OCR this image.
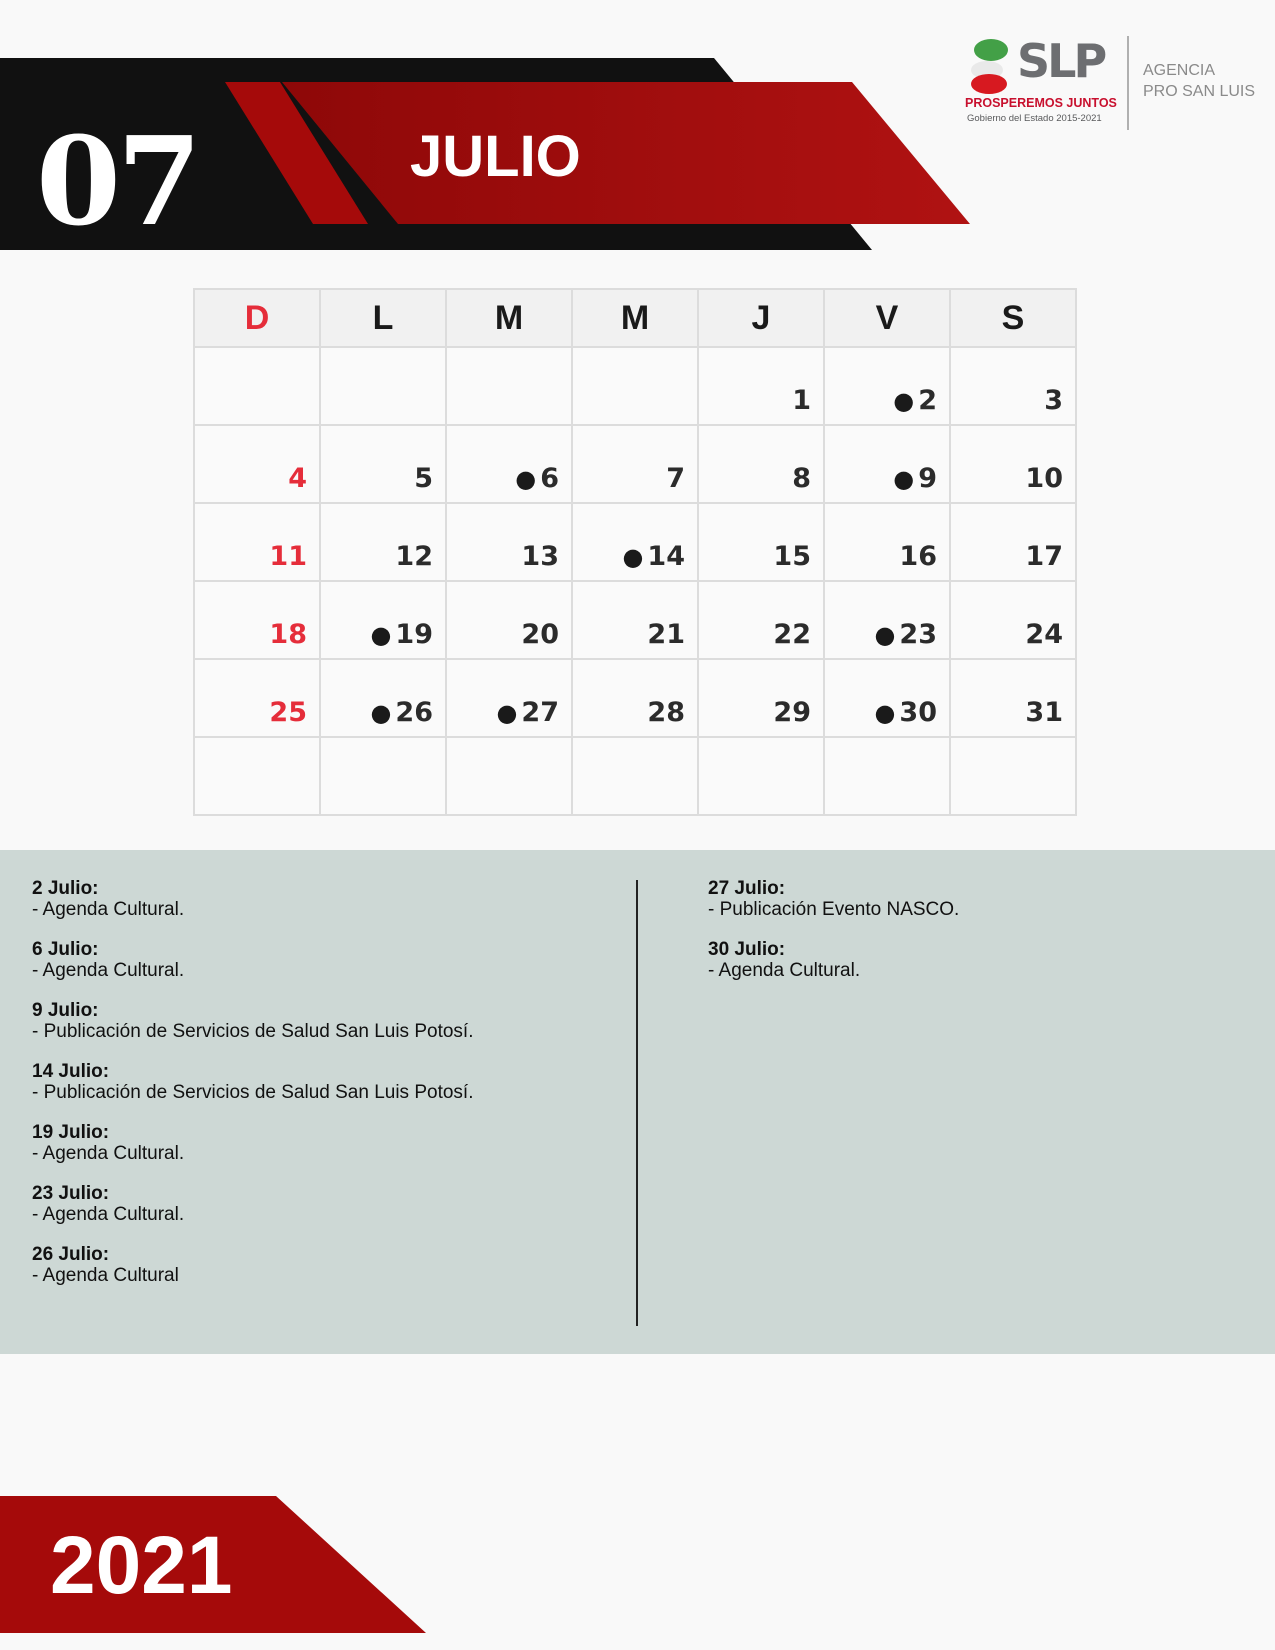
07	JULIO
SLP
PROSPEREMOS JUNTOS
Gobierno del Estado 2015-2021
AGENCIA
PRO SAN LUIS
D	L	M	M	J	V	S
				1	● 2	3
4	5	● 6	7	8	● 9	10
11	12	13	● 14	15	16	17
18	● 19	20	21	22	● 23	24
25	● 26	● 27	28	29	● 30	31

2 Julio:
- Agenda Cultural.
6 Julio:
- Agenda Cultural.
9 Julio:
- Publicación de Servicios de Salud San Luis Potosí.
14 Julio:
- Publicación de Servicios de Salud San Luis Potosí.
19 Julio:
- Agenda Cultural.
23 Julio:
- Agenda Cultural.
26 Julio:
- Agenda Cultural
27 Julio:
- Publicación Evento NASCO.
30 Julio:
- Agenda Cultural.
2021
